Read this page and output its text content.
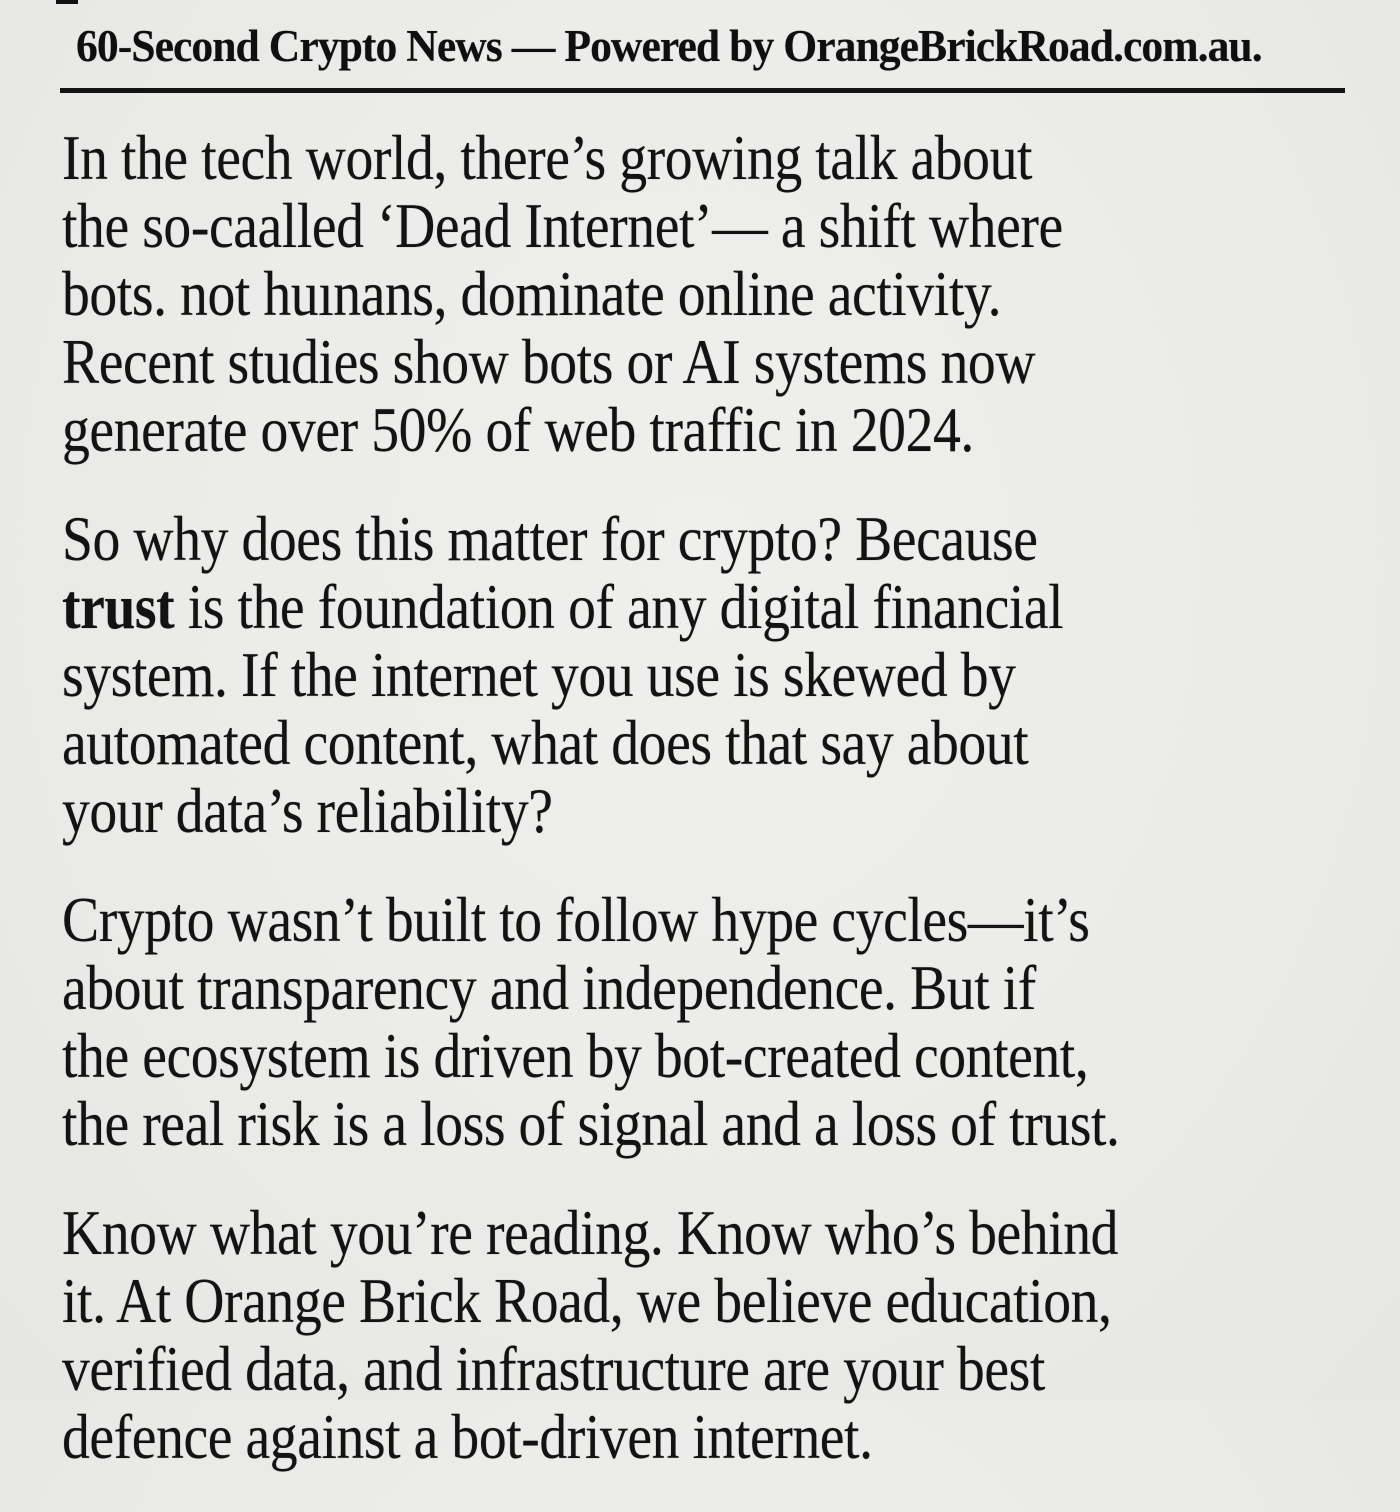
60-Second Crypto News — Powered by OrangeBrickRoad.com.au.
In the tech world, there’s growing talk about
the so-caalled ‘Dead Internet’— a shift where
bots. not huınans, dominate online activity.
Recent studies show bots or AI systems now
generate over 50% of web traffic in 2024.
So why does this matter for crypto? Because
trust is the foundation of any digital financial
system. If the internet you use is skewed by
automated content, what does that say about
your data’s reliability?
Crypto wasn’t built to follow hype cycles—it’s
about transparency and independence. But if
the ecosystem is driven by bot-created content,
the real risk is a loss of signal and a loss of trust.
Know what you’re reading. Know who’s behind
it. At Orange Brick Road, we believe education,
verified data, and infrastructure are your best
defence against a bot-driven internet.
